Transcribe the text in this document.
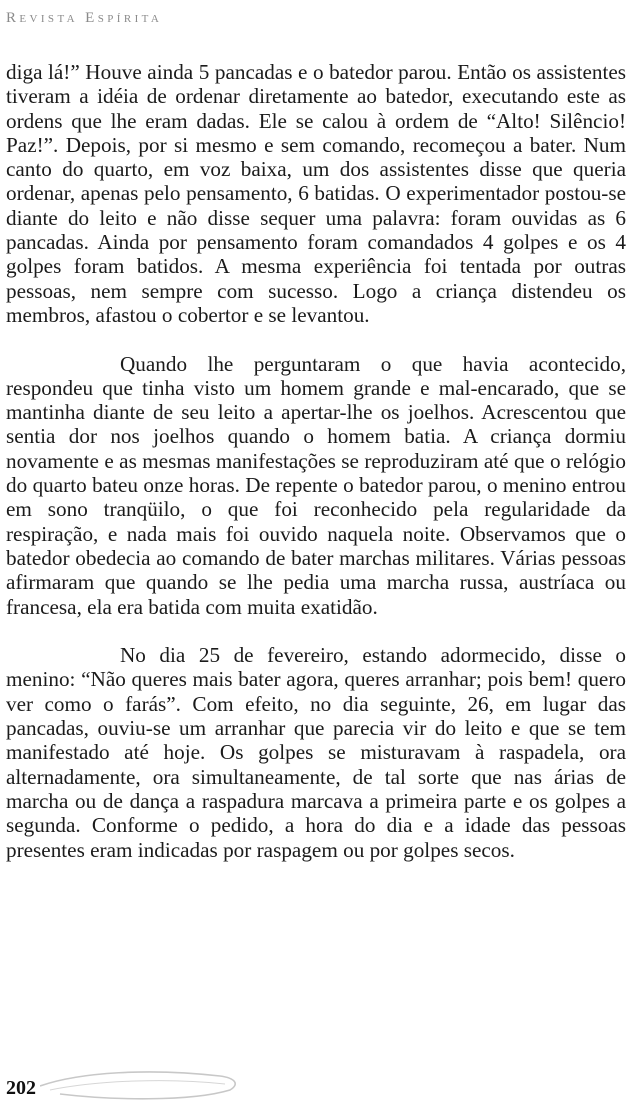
Revista Espírita

diga lá!” Houve ainda 5 pancadas e o batedor parou. Então os assistentes tiveram a idéia de ordenar diretamente ao batedor, executando este as ordens que lhe eram dadas. Ele se calou à ordem de “Alto! Silêncio! Paz!”. Depois, por si mesmo e sem comando, recomeçou a bater. Num canto do quarto, em voz baixa, um dos assistentes disse que queria ordenar, apenas pelo pensamento, 6 batidas. O experimentador postou-se diante do leito e não disse sequer uma palavra: foram ouvidas as 6 pancadas. Ainda por pensamento foram comandados 4 golpes e os 4 golpes foram batidos. A mesma experiência foi tentada por outras pessoas, nem sempre com sucesso. Logo a criança distendeu os membros, afastou o cobertor e se levantou.

Quando lhe perguntaram o que havia acontecido, respondeu que tinha visto um homem grande e mal-encarado, que se mantinha diante de seu leito a apertar-lhe os joelhos. Acrescentou que sentia dor nos joelhos quando o homem batia. A criança dormiu novamente e as mesmas manifestações se reproduziram até que o relógio do quarto bateu onze horas. De repente o batedor parou, o menino entrou em sono tranqüilo, o que foi reconhecido pela regularidade da respiração, e nada mais foi ouvido naquela noite. Observamos que o batedor obedecia ao comando de bater marchas militares. Várias pessoas afirmaram que quando se lhe pedia uma marcha russa, austríaca ou francesa, ela era batida com muita exatidão.

No dia 25 de fevereiro, estando adormecido, disse o menino: “Não queres mais bater agora, queres arranhar; pois bem! quero ver como o farás”. Com efeito, no dia seguinte, 26, em lugar das pancadas, ouviu-se um arranhar que parecia vir do leito e que se tem manifestado até hoje. Os golpes se misturavam à raspadela, ora alternadamente, ora simultaneamente, de tal sorte que nas árias de marcha ou de dança a raspadura marcava a primeira parte e os golpes a segunda. Conforme o pedido, a hora do dia e a idade das pessoas presentes eram indicadas por raspagem ou por golpes secos.

202
